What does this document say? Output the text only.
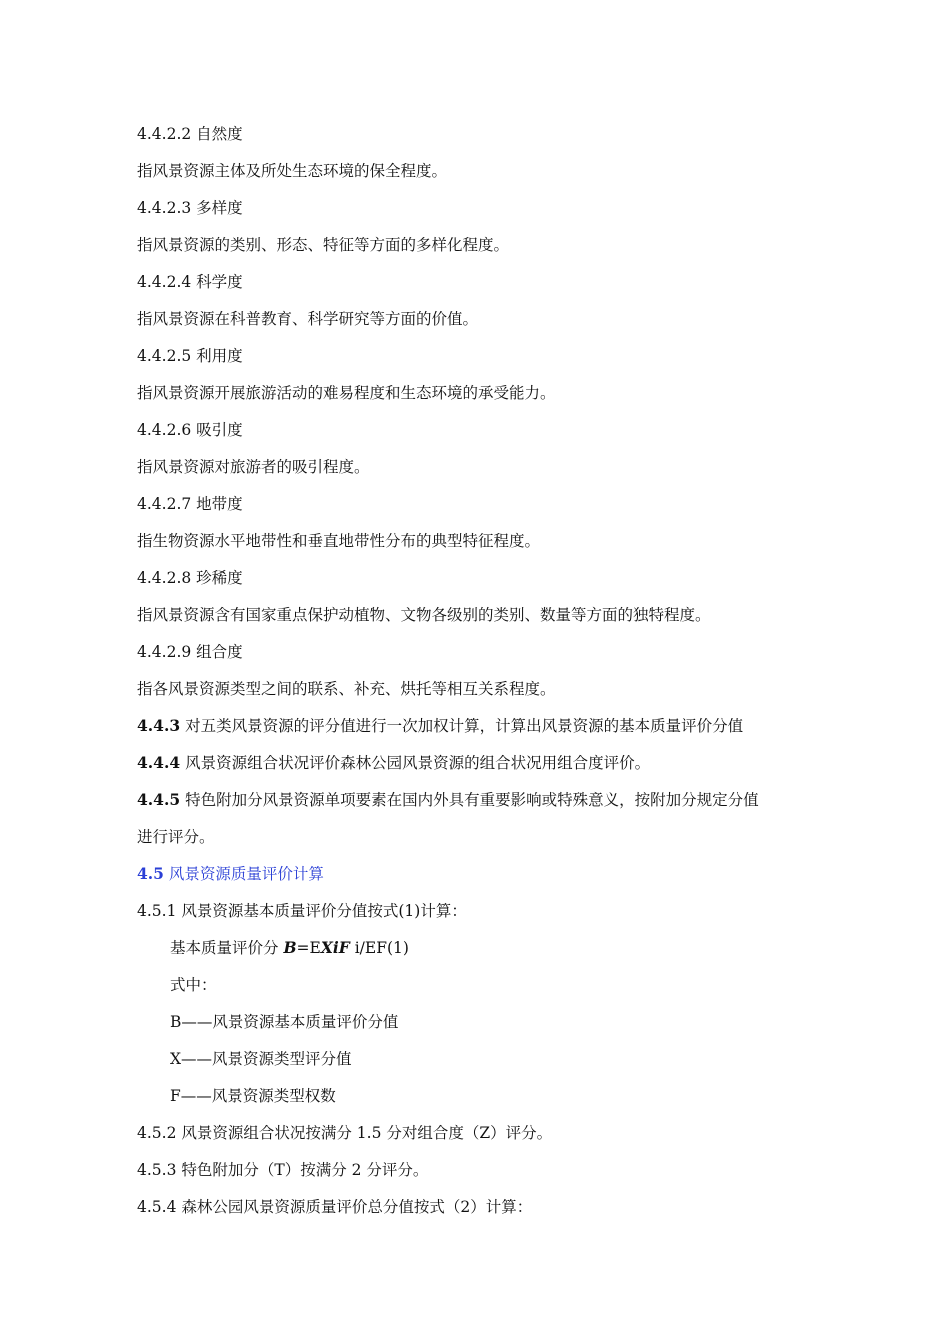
4.4.2.2 自然度
指风景资源主体及所处生态环境的保全程度。
4.4.2.3 多样度
指风景资源的类别、形态、特征等方面的多样化程度。
4.4.2.4 科学度
指风景资源在科普教育、科学研究等方面的价值。
4.4.2.5 利用度
指风景资源开展旅游活动的难易程度和生态环境的承受能力。
4.4.2.6 吸引度
指风景资源对旅游者的吸引程度。
4.4.2.7 地带度
指生物资源水平地带性和垂直地带性分布的典型特征程度。
4.4.2.8 珍稀度
指风景资源含有国家重点保护动植物、文物各级别的类别、数量等方面的独特程度。
4.4.2.9 组合度
指各风景资源类型之间的联系、补充、烘托等相互关系程度。
4.4.3 对五类风景资源的评分值进行一次加权计算，计算出风景资源的基本质量评价分值
4.4.4 风景资源组合状况评价森林公园风景资源的组合状况用组合度评价。
4.4.5 特色附加分风景资源单项要素在国内外具有重要影响或特殊意义，按附加分规定分值
进行评分。
4.5 风景资源质量评价计算
4.5.1 风景资源基本质量评价分值按式(1)计算：
基本质量评价分 B=EXiF i/EF(1)
式中：
B——风景资源基本质量评价分值
X——风景资源类型评分值
F——风景资源类型权数
4.5.2 风景资源组合状况按满分 1.5 分对组合度（Z）评分。
4.5.3 特色附加分（T）按满分 2 分评分。
4.5.4 森林公园风景资源质量评价总分值按式（2）计算：
